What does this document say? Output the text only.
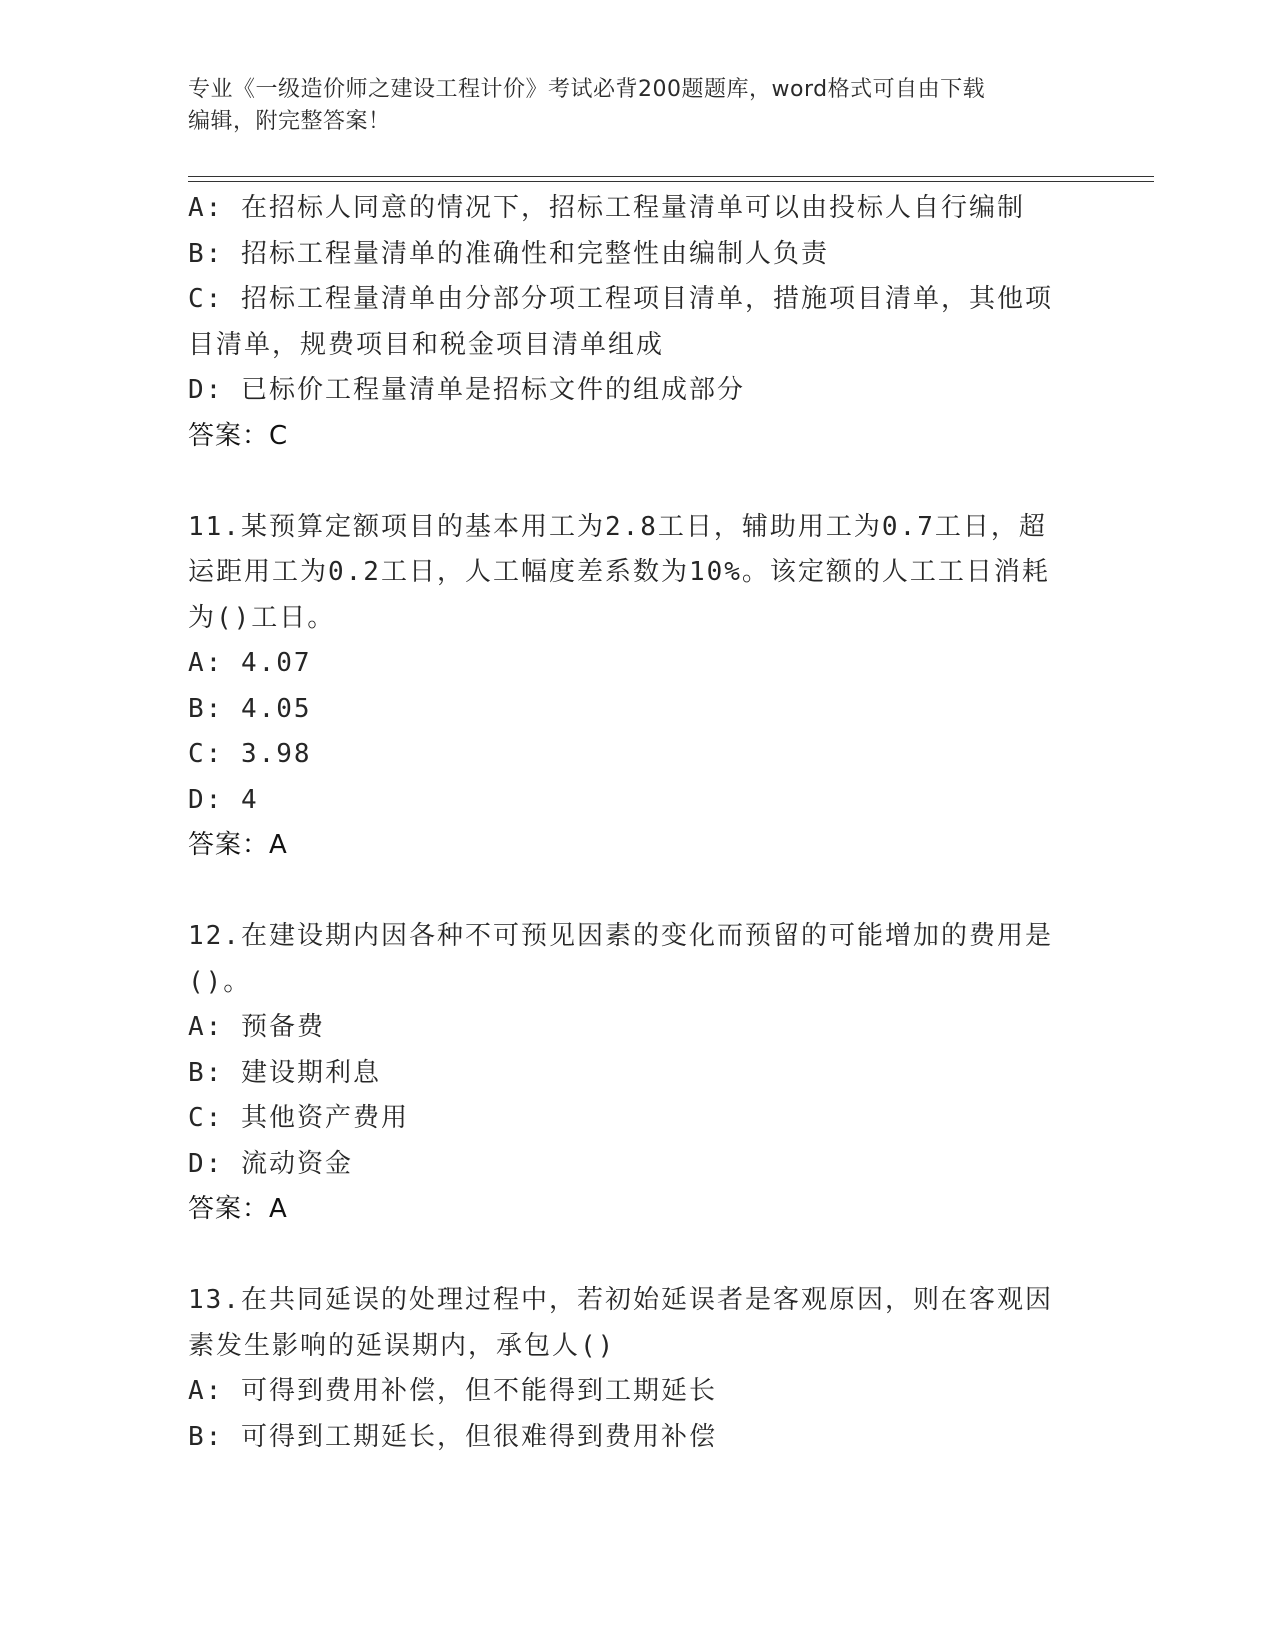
专业《一级造价师之建设工程计价》考试必背200题题库，word格式可自由下载
编辑，附完整答案！
A: 在招标人同意的情况下，招标工程量清单可以由投标人自行编制
B: 招标工程量清单的准确性和完整性由编制人负责
C: 招标工程量清单由分部分项工程项目清单，措施项目清单，其他项
目清单，规费项目和税金项目清单组成
D: 已标价工程量清单是招标文件的组成部分
答案：C
11.某预算定额项目的基本用工为2.8工日，辅助用工为0.7工日，超
运距用工为0.2工日，人工幅度差系数为10%。该定额的人工工日消耗
为()工日。
A: 4.07
B: 4.05
C: 3.98
D: 4
答案：A
12.在建设期内因各种不可预见因素的变化而预留的可能增加的费用是
()。
A: 预备费
B: 建设期利息
C: 其他资产费用
D: 流动资金
答案：A
13.在共同延误的处理过程中，若初始延误者是客观原因，则在客观因
素发生影响的延误期内，承包人()
A: 可得到费用补偿，但不能得到工期延长
B: 可得到工期延长，但很难得到费用补偿
